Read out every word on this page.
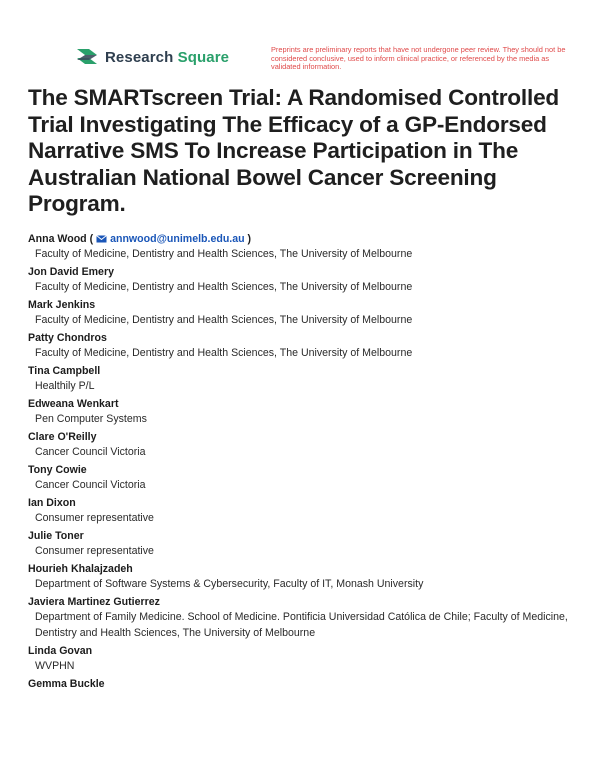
Research Square	Preprints are preliminary reports that have not undergone peer review. They should not be considered conclusive, used to inform clinical practice, or referenced by the media as validated information.
The SMARTscreen Trial: A Randomised Controlled Trial Investigating The Efficacy of a GP-Endorsed Narrative SMS To Increase Participation in The Australian National Bowel Cancer Screening Program.
Anna Wood ( annwood@unimelb.edu.au )
Faculty of Medicine, Dentistry and Health Sciences, The University of Melbourne
Jon David Emery
Faculty of Medicine, Dentistry and Health Sciences, The University of Melbourne
Mark Jenkins
Faculty of Medicine, Dentistry and Health Sciences, The University of Melbourne
Patty Chondros
Faculty of Medicine, Dentistry and Health Sciences, The University of Melbourne
Tina Campbell
Healthily P/L
Edweana Wenkart
Pen Computer Systems
Clare O'Reilly
Cancer Council Victoria
Tony Cowie
Cancer Council Victoria
Ian Dixon
Consumer representative
Julie Toner
Consumer representative
Hourieh Khalajzadeh
Department of Software Systems & Cybersecurity, Faculty of IT, Monash University
Javiera Martinez Gutierrez
Department of Family Medicine. School of Medicine. Pontificia Universidad Católica de Chile; Faculty of Medicine, Dentistry and Health Sciences, The University of Melbourne
Linda Govan
WVPHN
Gemma Buckle
